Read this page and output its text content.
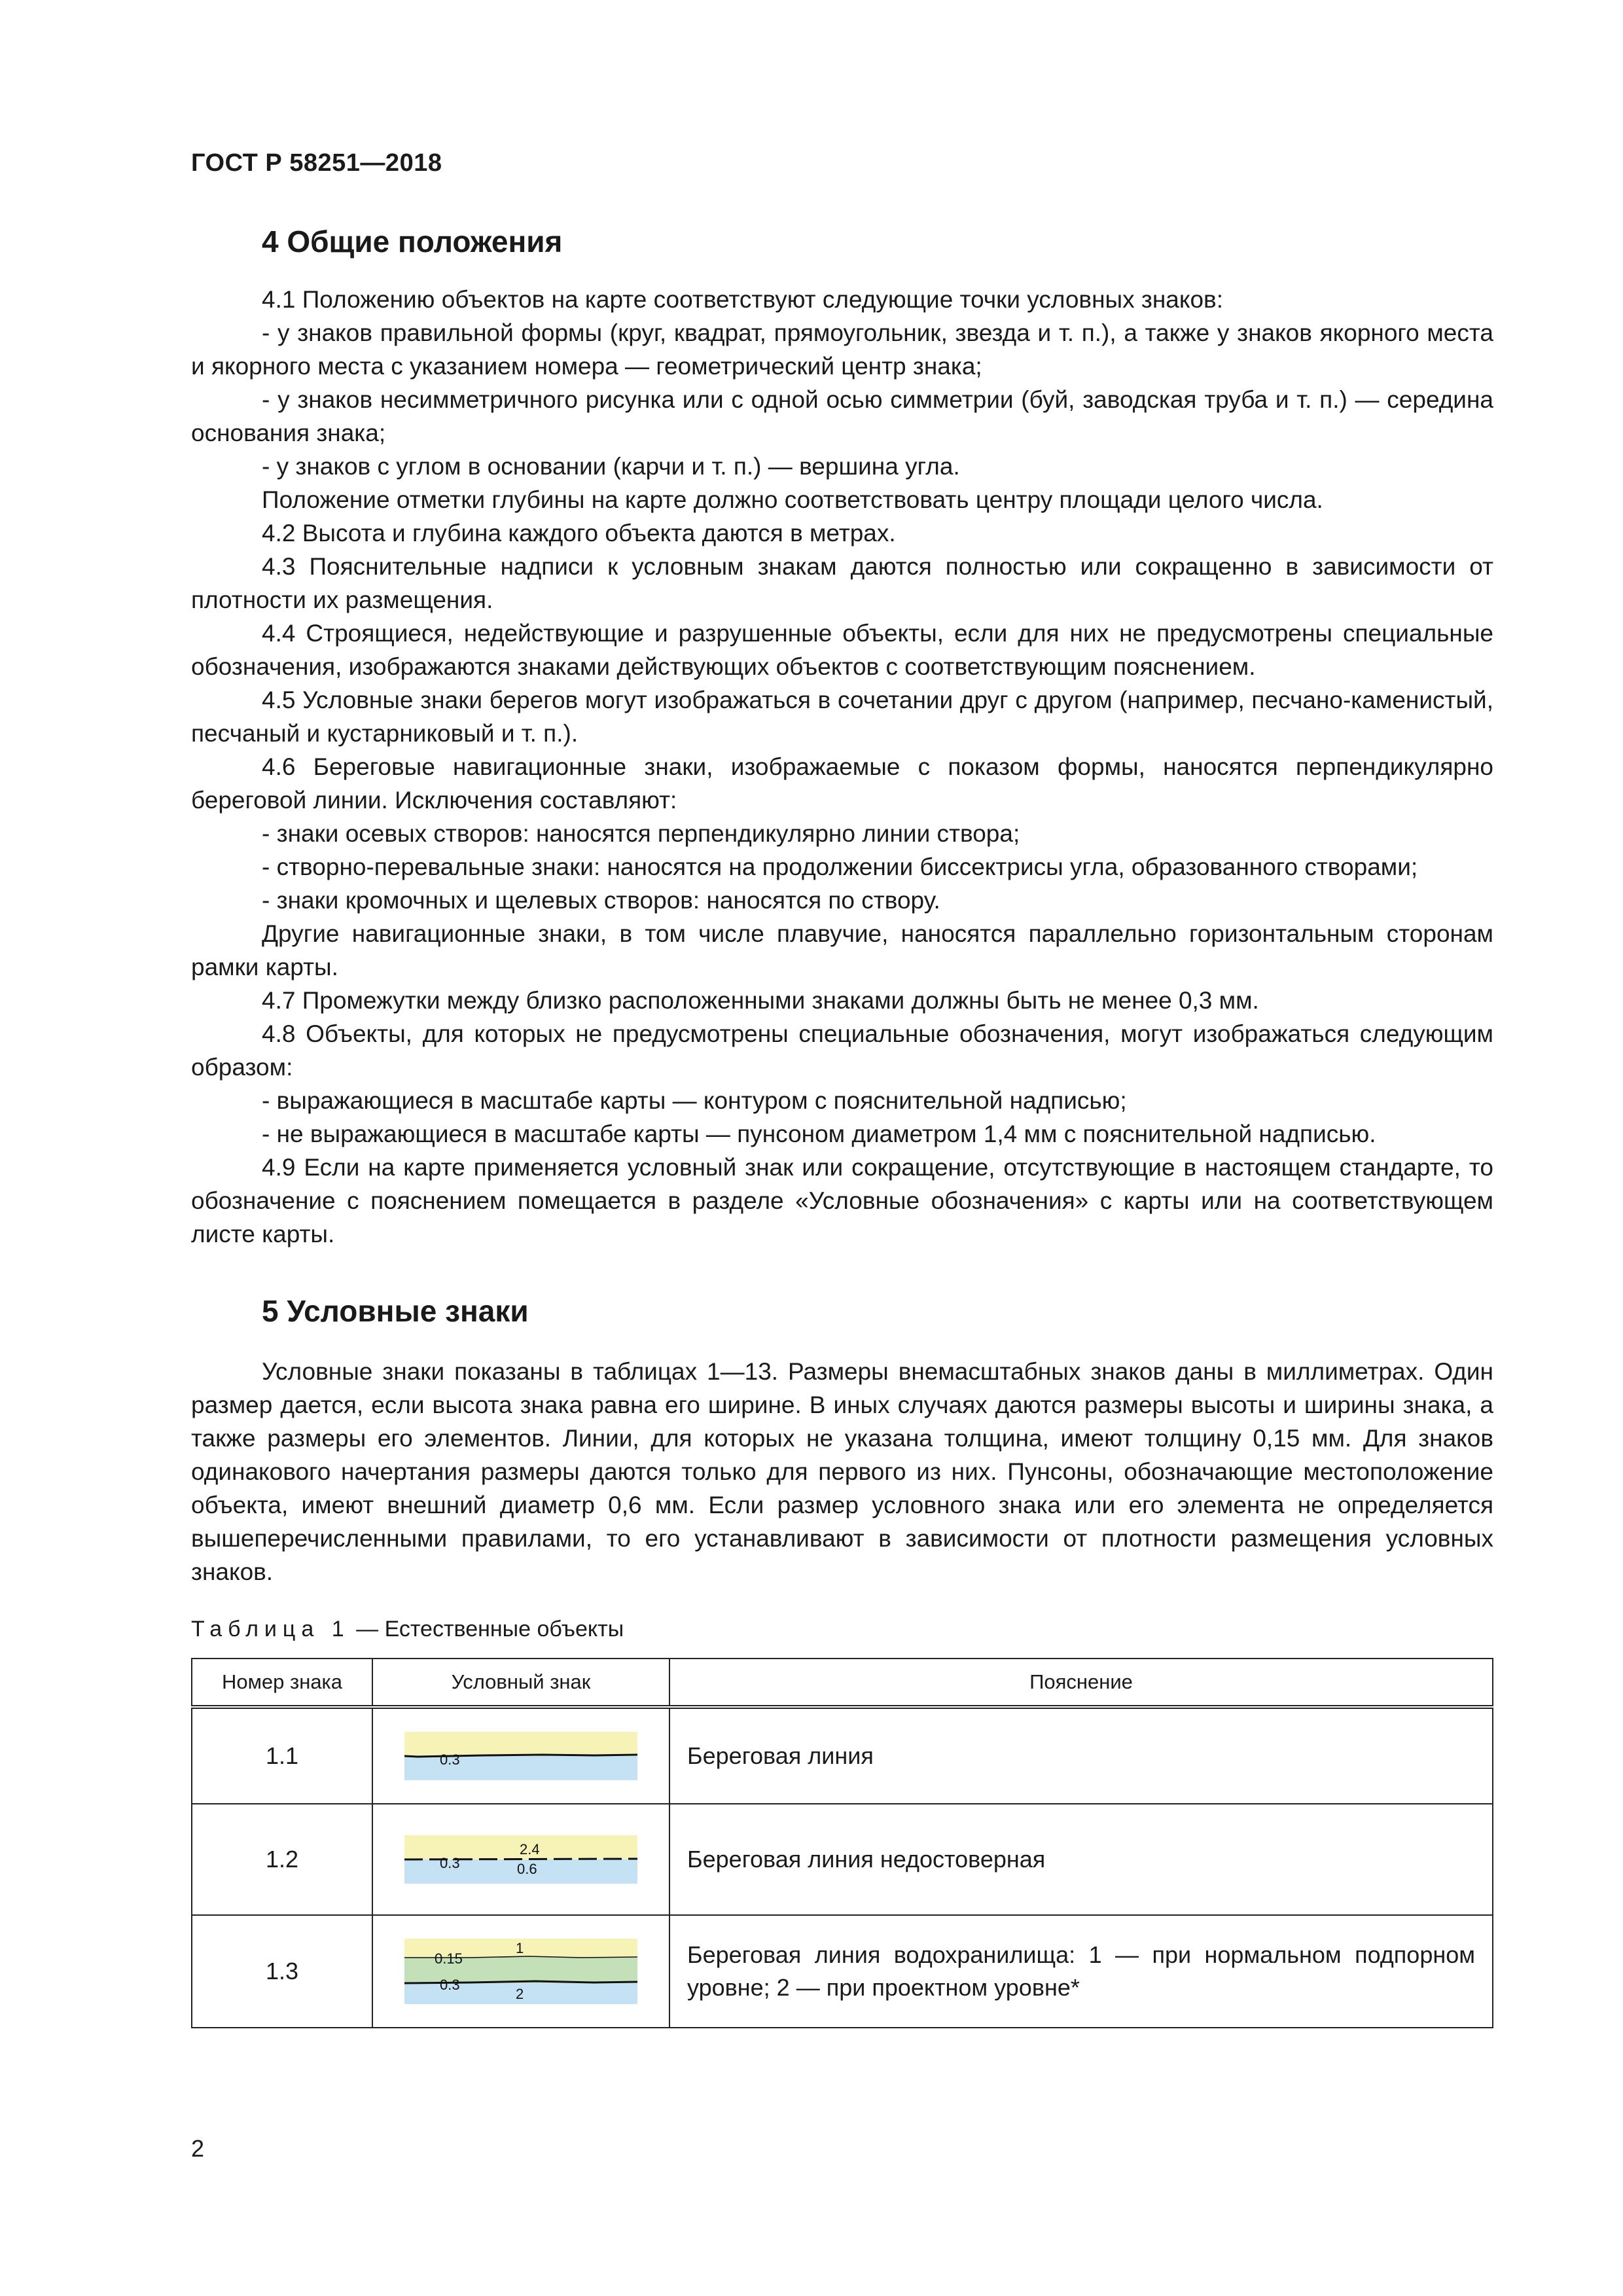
ГОСТ Р 58251—2018
4 Общие положения

4.1 Положению объектов на карте соответствуют следующие точки условных знаков:

- у знаков правильной формы (круг, квадрат, прямоугольник, звезда и т. п.), а также у знаков якорного места и якорного места с указанием номера — геометрический центр знака;

- у знаков несимметричного рисунка или с одной осью симметрии (буй, заводская труба и т. п.) — середина основания знака;

- у знаков с углом в основании (карчи и т. п.) — вершина угла.

Положение отметки глубины на карте должно соответствовать центру площади целого числа.

4.2 Высота и глубина каждого объекта даются в метрах.

4.3 Пояснительные надписи к условным знакам даются полностью или сокращенно в зависимости от плотности их размещения.

4.4 Строящиеся, недействующие и разрушенные объекты, если для них не предусмотрены специальные обозначения, изображаются знаками действующих объектов с соответствующим пояснением.

4.5 Условные знаки берегов могут изображаться в сочетании друг с другом (например, песчано-каменистый, песчаный и кустарниковый и т. п.).

4.6 Береговые навигационные знаки, изображаемые с показом формы, наносятся перпендикулярно береговой линии. Исключения составляют:

- знаки осевых створов: наносятся перпендикулярно линии створа;

- створно-перевальные знаки: наносятся на продолжении биссектрисы угла, образованного створами;

- знаки кромочных и щелевых створов: наносятся по створу.

Другие навигационные знаки, в том числе плавучие, наносятся параллельно горизонтальным сторонам рамки карты.

4.7 Промежутки между близко расположенными знаками должны быть не менее 0,3 мм.

4.8 Объекты, для которых не предусмотрены специальные обозначения, могут изображаться следующим образом:

- выражающиеся в масштабе карты — контуром с пояснительной надписью;

- не выражающиеся в масштабе карты — пунсоном диаметром 1,4 мм с пояснительной надписью.

4.9 Если на карте применяется условный знак или сокращение, отсутствующие в настоящем стандарте, то обозначение с пояснением помещается в разделе «Условные обозначения» с карты или на соответствующем листе карты.

5 Условные знаки

Условные знаки показаны в таблицах 1—13. Размеры внемасштабных знаков даны в миллиметрах. Один размер дается, если высота знака равна его ширине. В иных случаях даются размеры высоты и ширины знака, а также размеры его элементов. Линии, для которых не указана толщина, имеют толщину 0,15 мм. Для знаков одинакового начертания размеры даются только для первого из них. Пунсоны, обозначающие местоположение объекта, имеют внешний диаметр 0,6 мм. Если размер условного знака или его элемента не определяется вышеперечисленными правилами, то его устанавливают в зависимости от плотности размещения условных знаков.

Таблица 1 — Естественные объекты
Номер знака	Условный знак	Пояснение
1.1	0.3	Береговая линия
1.2	0.3
2.4
0.6	Береговая линия недостоверная
1.3	0.15
0.3
1
2	Береговая линия водохранилища: 1 — при нормальном подпорном уровне; 2 — при проектном уровне*
2
